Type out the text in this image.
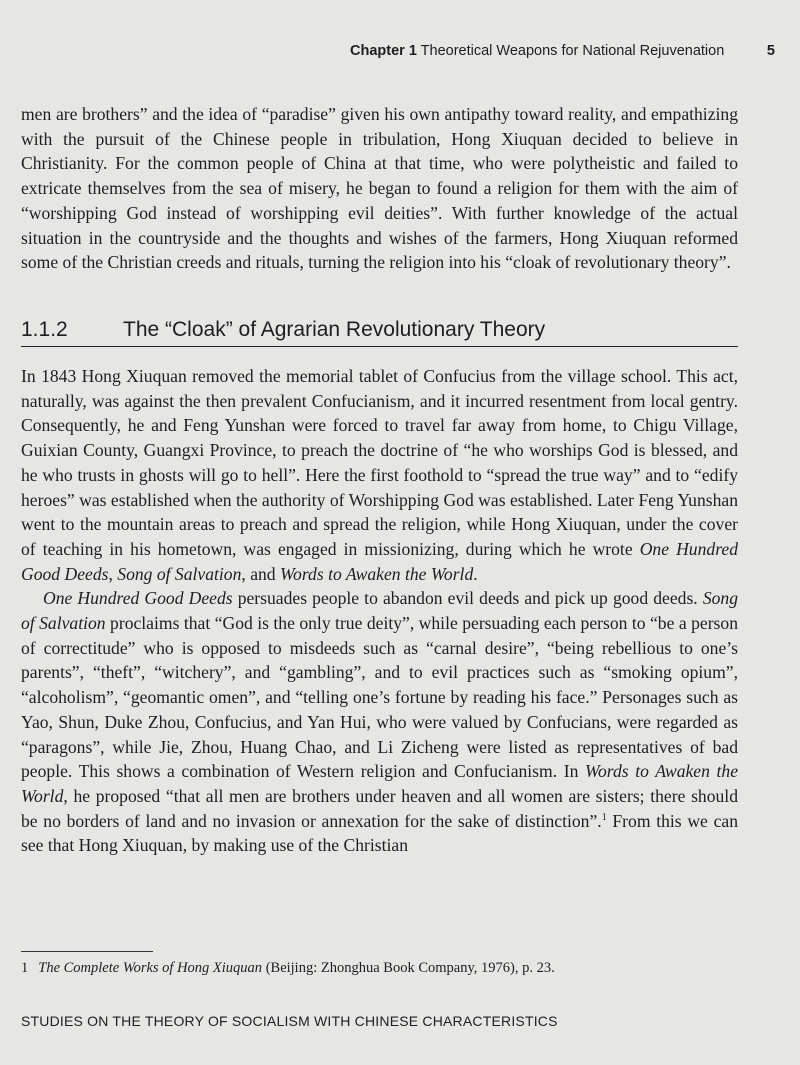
Chapter 1 Theoretical Weapons for National Rejuvenation	5

men are brothers” and the idea of “paradise” given his own antipathy toward reality, and empathizing with the pursuit of the Chinese people in tribulation, Hong Xiuquan decided to believe in Christianity. For the common people of China at that time, who were polytheistic and failed to extricate themselves from the sea of misery, he began to found a religion for them with the aim of “worshipping God instead of worshipping evil deities”. With further knowledge of the actual situation in the countryside and the thoughts and wishes of the farmers, Hong Xiuquan reformed some of the Christian creeds and rituals, turning the religion into his “cloak of revolutionary theory”.

1.1.2	The “Cloak” of Agrarian Revolutionary Theory

In 1843 Hong Xiuquan removed the memorial tablet of Confucius from the village school. This act, naturally, was against the then prevalent Confucianism, and it incurred resentment from local gentry. Consequently, he and Feng Yunshan were forced to travel far away from home, to Chigu Village, Guixian County, Guangxi Province, to preach the doctrine of “he who worships God is blessed, and he who trusts in ghosts will go to hell”. Here the first foothold to “spread the true way” and to “edify heroes” was established when the authority of Worshipping God was established. Later Feng Yunshan went to the mountain areas to preach and spread the religion, while Hong Xiuquan, under the cover of teaching in his hometown, was engaged in missionizing, during which he wrote One Hundred Good Deeds, Song of Salvation, and Words to Awaken the World.

One Hundred Good Deeds persuades people to abandon evil deeds and pick up good deeds. Song of Salvation proclaims that “God is the only true deity”, while persuading each person to “be a person of correctitude” who is opposed to misdeeds such as “carnal desire”, “being rebellious to one’s parents”, “theft”, “witchery”, and “gambling”, and to evil practices such as “smoking opium”, “alcoholism”, “geomantic omen”, and “telling one’s fortune by reading his face.” Personages such as Yao, Shun, Duke Zhou, Confucius, and Yan Hui, who were valued by Confucians, were regarded as “paragons”, while Jie, Zhou, Huang Chao, and Li Zicheng were listed as representatives of bad people. This shows a combination of Western religion and Confucianism. In Words to Awaken the World, he proposed “that all men are brothers under heaven and all women are sisters; there should be no borders of land and no invasion or annexation for the sake of distinction”.$^1$ From this we can see that Hong Xiuquan, by making use of the Christian

1 The Complete Works of Hong Xiuquan (Beijing: Zhonghua Book Company, 1976), p. 23.
STUDIES ON THE THEORY OF SOCIALISM WITH CHINESE CHARACTERISTICS
